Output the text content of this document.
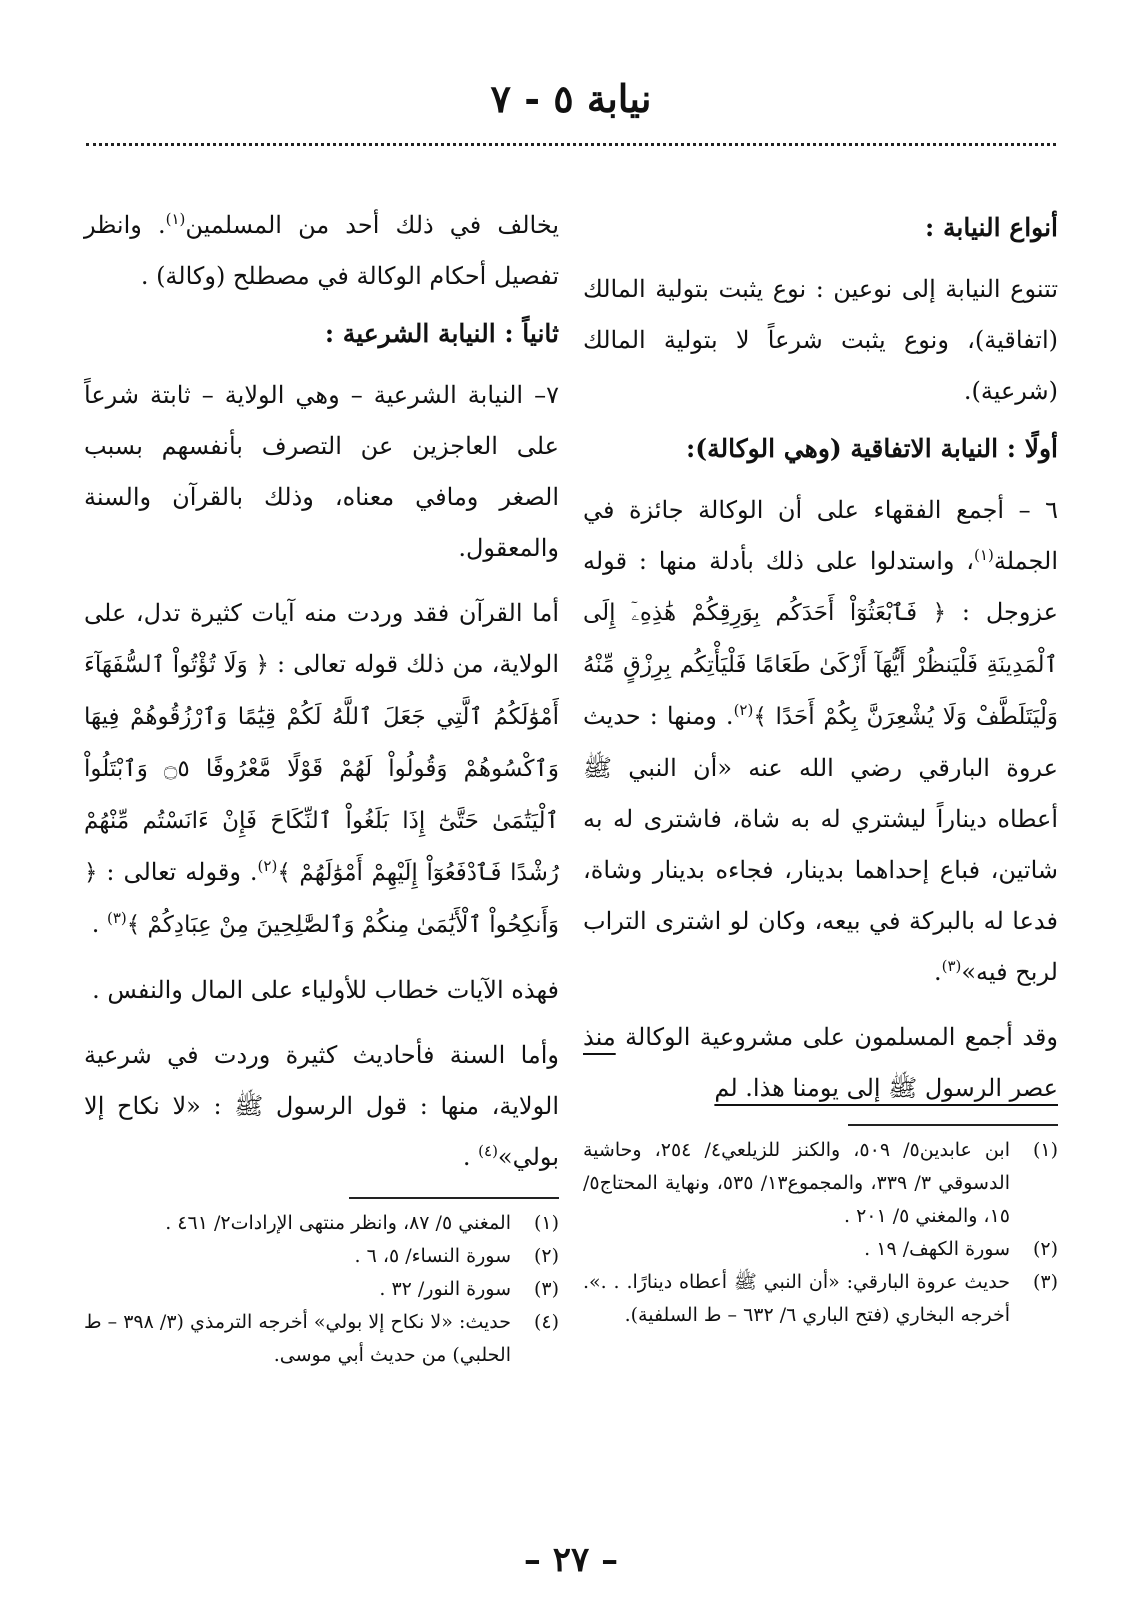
نيابة ٥ - ٧
أنواع النيابة :

تتنوع النيابة إلى نوعين : نوع يثبت بتولية المالك (اتفاقية)، ونوع يثبت شرعاً لا بتولية المالك (شرعية).

أولًا : النيابة الاتفاقية (وهي الوكالة):

٦ – أجمع الفقهاء على أن الوكالة جائزة في الجملة$^{(١)}$، واستدلوا على ذلك بأدلة منها : قوله عزوجل : ﴿ فَٱبْعَثُوٓاْ أَحَدَكُم بِوَرِقِكُمْ هَٰذِهِۦٓ إِلَى ٱلْمَدِينَةِ فَلْيَنظُرْ أَيُّهَآ أَزْكَىٰ طَعَامًا فَلْيَأْتِكُم بِرِزْقٍ مِّنْهُ وَلْيَتَلَطَّفْ وَلَا يُشْعِرَنَّ بِكُمْ أَحَدًا ﴾$^{(٢)}$. ومنها : حديث عروة البارقي رضي الله عنه «أن النبي ﷺ أعطاه ديناراً ليشتري له به شاة، فاشترى له به شاتين، فباع إحداهما بدينار، فجاءه بدينار وشاة، فدعا له بالبركة في بيعه، وكان لو اشترى التراب لربح فيه»$^{(٣)}$.

وقد أجمع المسلمون على مشروعية الوكالة منذ عصر الرسول ﷺ إلى يومنا هذا. لم

(١)
ابن عابدين٥/ ٥٠٩، والكنز للزيلعي٤/ ٢٥٤، وحاشية الدسوقي ٣/ ٣٣٩، والمجموع١٣/ ٥٣٥، ونهاية المحتاج٥/ ١٥، والمغني ٥/ ٢٠١ .
(٢)
سورة الكهف/ ١٩ .
(٣)
حديث عروة البارقي: «أن النبي ﷺ أعطاه دينارًا. . .». أخرجه البخاري (فتح الباري ٦/ ٦٣٢ – ط السلفية).

يخالف في ذلك أحد من المسلمين$^{(١)}$. وانظر تفصيل أحكام الوكالة في مصطلح (وكالة) .

ثانياً : النيابة الشرعية :

٧– النيابة الشرعية – وهي الولاية – ثابتة شرعاً على العاجزين عن التصرف بأنفسهم بسبب الصغر ومافي معناه، وذلك بالقرآن والسنة والمعقول.

أما القرآن فقد وردت منه آيات كثيرة تدل، على الولاية، من ذلك قوله تعالى : ﴿ وَلَا تُؤْتُواْ ٱلسُّفَهَآءَ أَمْوَٰلَكُمُ ٱلَّتِي جَعَلَ ٱللَّهُ لَكُمْ قِيَٰمًا وَٱرْزُقُوهُمْ فِيهَا وَٱكْسُوهُمْ وَقُولُواْ لَهُمْ قَوْلًا مَّعْرُوفًا ۝٥ وَٱبْتَلُواْ ٱلْيَتَٰمَىٰ حَتَّىٰٓ إِذَا بَلَغُواْ ٱلنِّكَاحَ فَإِنْ ءَانَسْتُم مِّنْهُمْ رُشْدًا فَٱدْفَعُوٓاْ إِلَيْهِمْ أَمْوَٰلَهُمْ ﴾$^{(٢)}$. وقوله تعالى : ﴿ وَأَنكِحُواْ ٱلْأَيَٰمَىٰ مِنكُمْ وَٱلصَّٰلِحِينَ مِنْ عِبَادِكُمْ ﴾$^{(٣)}$ .

فهذه الآيات خطاب للأولياء على المال والنفس .

وأما السنة فأحاديث كثيرة وردت في شرعية الولاية، منها : قول الرسول ﷺ : «لا نكاح إلا بولي»$^{(٤)}$ .

(١)
المغني ٥/ ٨٧، وانظر منتهى الإرادات٢/ ٤٦١ .
(٢)
سورة النساء/ ٥، ٦ .
(٣)
سورة النور/ ٣٢ .
(٤)
حديث: «لا نكاح إلا بولي» أخرجه الترمذي (٣/ ٣٩٨ – ط الحلبي) من حديث أبي موسى.
– ٢٧ –
